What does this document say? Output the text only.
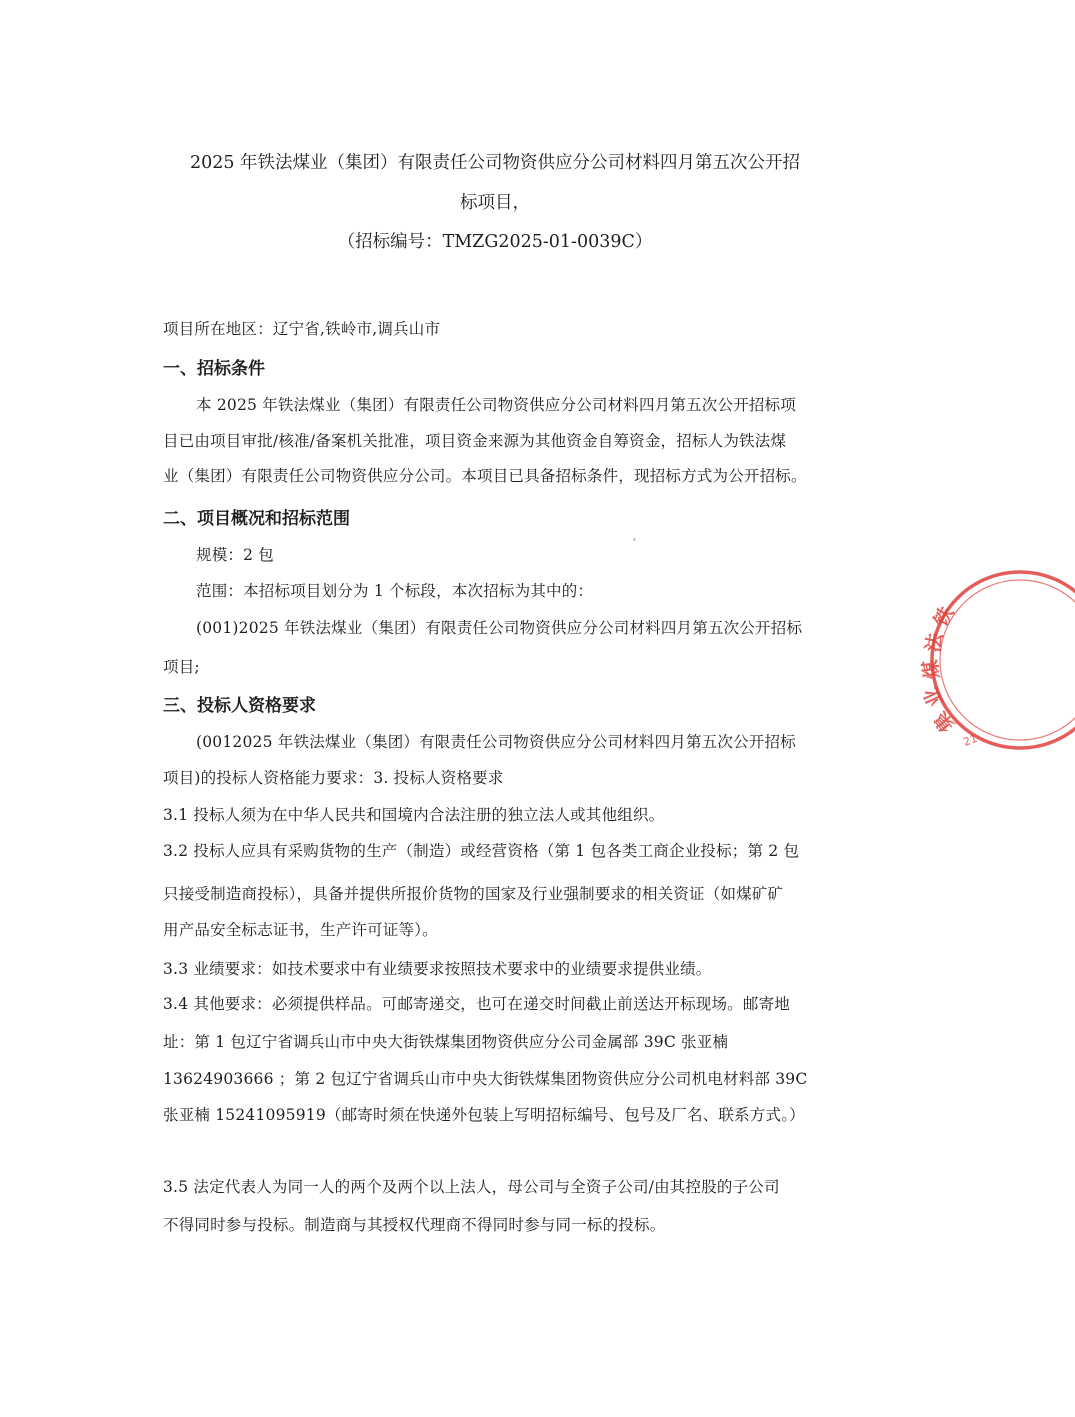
2025 年铁法煤业（集团）有限责任公司物资供应分公司材料四月第五次公开招
标项目，
（招标编号：TMZG2025-01-0039C）
项目所在地区：辽宁省,铁岭市,调兵山市
一、招标条件
本 2025 年铁法煤业（集团）有限责任公司物资供应分公司材料四月第五次公开招标项
目已由项目审批/核准/备案机关批准，项目资金来源为其他资金自筹资金，招标人为铁法煤
业（集团）有限责任公司物资供应分公司。本项目已具备招标条件，现招标方式为公开招标。
二、项目概况和招标范围
规模：2 包
范围：本招标项目划分为 1 个标段，本次招标为其中的：
(001)2025 年铁法煤业（集团）有限责任公司物资供应分公司材料四月第五次公开招标
项目;
三、投标人资格要求
(0012025 年铁法煤业（集团）有限责任公司物资供应分公司材料四月第五次公开招标
项目)的投标人资格能力要求：3. 投标人资格要求
3.1 投标人须为在中华人民共和国境内合法注册的独立法人或其他组织。
3.2 投标人应具有采购货物的生产（制造）或经营资格（第 1 包各类工商企业投标；第 2 包
只接受制造商投标），具备并提供所报价货物的国家及行业强制要求的相关资证（如煤矿矿
用产品安全标志证书，生产许可证等）。
3.3 业绩要求：如技术要求中有业绩要求按照技术要求中的业绩要求提供业绩。
3.4 其他要求：必须提供样品。可邮寄递交，也可在递交时间截止前送达开标现场。邮寄地
址：第 1 包辽宁省调兵山市中央大街铁煤集团物资供应分公司金属部 39C 张亚楠
13624903666 ；第 2 包辽宁省调兵山市中央大街铁煤集团物资供应分公司机电材料部 39C
张亚楠 15241095919（邮寄时须在快递外包装上写明招标编号、包号及厂名、联系方式。）
3.5 法定代表人为同一人的两个及两个以上法人，母公司与全资子公司/由其控股的子公司
不得同时参与投标。制造商与其授权代理商不得同时参与同一标的投标。
铁
法
煤
业
集
21
